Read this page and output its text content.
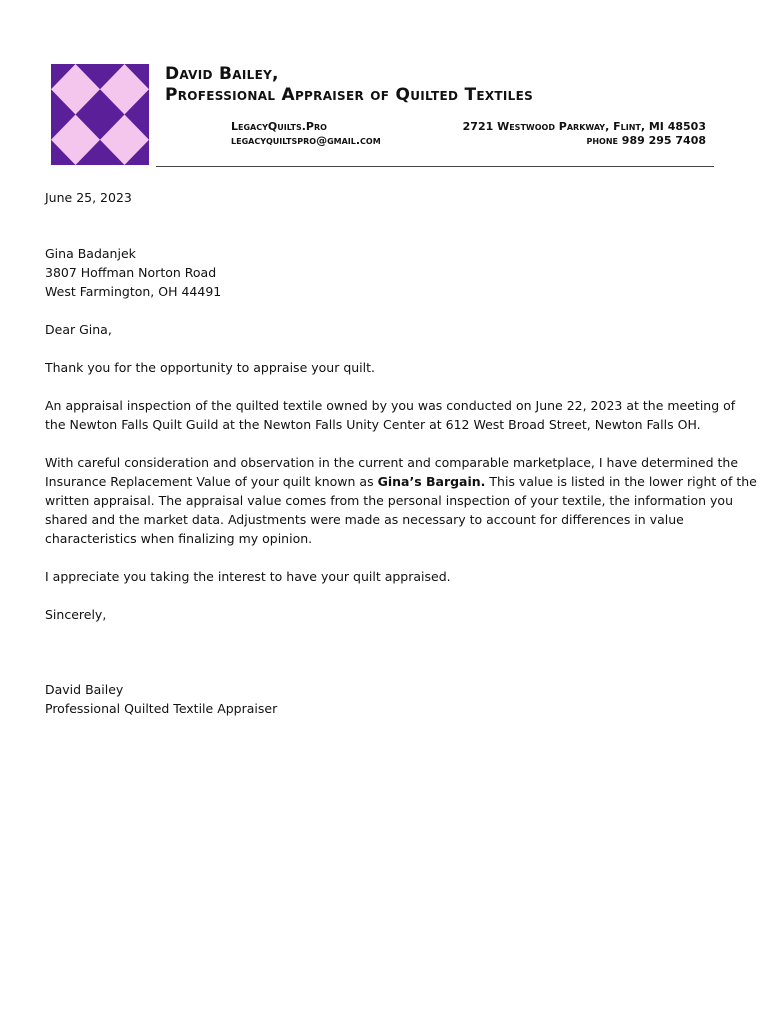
David Bailey,
Professional Appraiser of Quilted Textiles
LegacyQuilts.Pro
legacyquiltspro@gmail.com
2721 Westwood Parkway, Flint, MI 48503
phone 989 295 7408
June 25, 2023
Gina Badanjek
3807 Hoffman Norton Road
West Farmington, OH 44491
Dear Gina,
Thank you for the opportunity to appraise your quilt.
An appraisal inspection of the quilted textile owned by you was conducted on June 22, 2023 at the meeting of
the Newton Falls Quilt Guild at the Newton Falls Unity Center at 612 West Broad Street, Newton Falls OH.
With careful consideration and observation in the current and comparable marketplace, I have determined the
Insurance Replacement Value of your quilt known as Gina’s Bargain. This value is listed in the lower right of the
written appraisal. The appraisal value comes from the personal inspection of your textile, the information you
shared and the market data. Adjustments were made as necessary to account for differences in value
characteristics when finalizing my opinion.
I appreciate you taking the interest to have your quilt appraised.
Sincerely,
David Bailey
Professional Quilted Textile Appraiser
